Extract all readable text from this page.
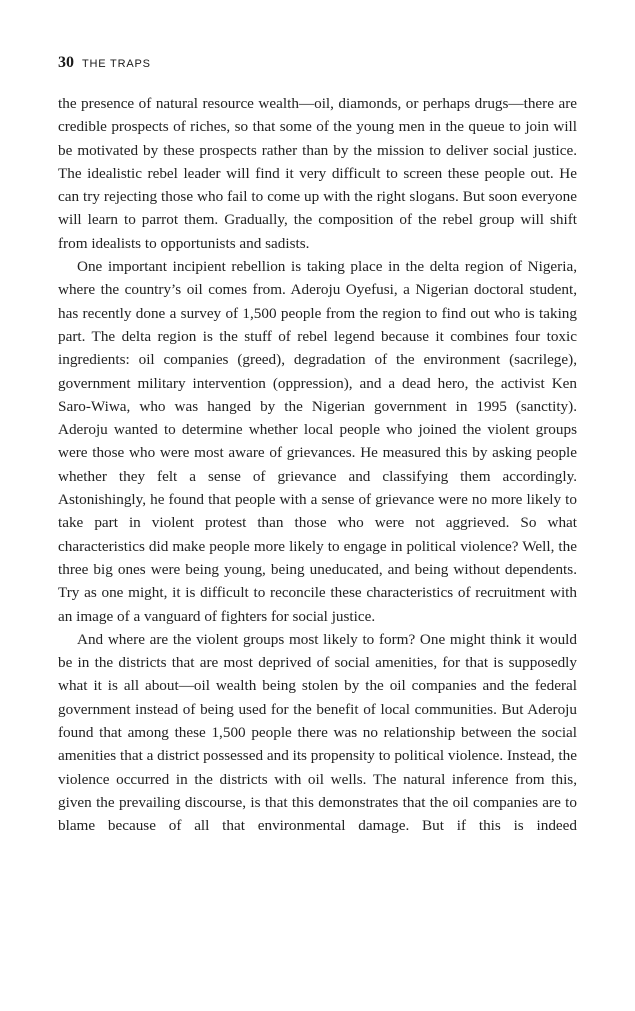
30 THE TRAPS

the presence of natural resource wealth—oil, diamonds, or perhaps drugs—there are credible prospects of riches, so that some of the young men in the queue to join will be motivated by these prospects rather than by the mission to deliver social justice. The idealistic rebel leader will find it very difficult to screen these people out. He can try rejecting those who fail to come up with the right slogans. But soon everyone will learn to parrot them. Gradually, the composition of the rebel group will shift from idealists to opportunists and sadists.

One important incipient rebellion is taking place in the delta region of Nigeria, where the country’s oil comes from. Aderoju Oyefusi, a Nigerian doctoral student, has recently done a survey of 1,500 people from the region to find out who is taking part. The delta region is the stuff of rebel legend because it combines four toxic ingredients: oil companies (greed), degradation of the environment (sacrilege), government military intervention (oppression), and a dead hero, the activist Ken Saro-Wiwa, who was hanged by the Nigerian government in 1995 (sanctity). Aderoju wanted to determine whether local people who joined the violent groups were those who were most aware of grievances. He measured this by asking people whether they felt a sense of grievance and classifying them accordingly. Astonishingly, he found that people with a sense of grievance were no more likely to take part in violent protest than those who were not aggrieved. So what characteristics did make people more likely to engage in political violence? Well, the three big ones were being young, being uneducated, and being without dependents. Try as one might, it is difficult to reconcile these characteristics of recruitment with an image of a vanguard of fighters for social justice.

And where are the violent groups most likely to form? One might think it would be in the districts that are most deprived of social amenities, for that is supposedly what it is all about—oil wealth being stolen by the oil companies and the federal government instead of being used for the benefit of local communities. But Aderoju found that among these 1,500 people there was no relationship between the social amenities that a district possessed and its propensity to political violence. Instead, the violence occurred in the districts with oil wells. The natural inference from this, given the prevailing discourse, is that this demonstrates that the oil companies are to blame because of all that environmental damage. But if this is indeed
